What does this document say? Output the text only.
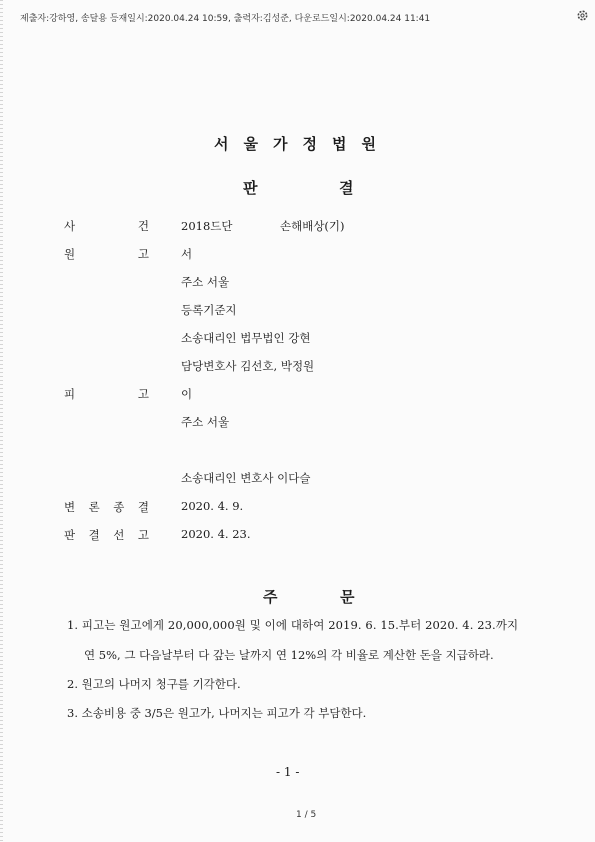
제출자:강하영, 송달용 등재일시:2020.04.24 10:59, 출력자:김성준, 다운로드일시:2020.04.24 11:41
서울가정법원
판	결
사	건	2018드단	손해배상(기)
원	고	서
주소 서울
등록기준지
소송대리인 법무법인 강현
담당변호사 김선호, 박정원
피	고	이
주소 서울
소송대리인 변호사 이다슬
변 론 종 결	2020. 4. 9.
판 결 선 고	2020. 4. 23.
주	문
1. 피고는 원고에게 20,000,000원 및 이에 대하여 2019. 6. 15.부터 2020. 4. 23.까지
연 5%, 그 다음날부터 다 갚는 날까지 연 12%의 각 비율로 계산한 돈을 지급하라.
2. 원고의 나머지 청구를 기각한다.
3. 소송비용 중 3/5은 원고가, 나머지는 피고가 각 부담한다.
- 1 -
1 / 5
